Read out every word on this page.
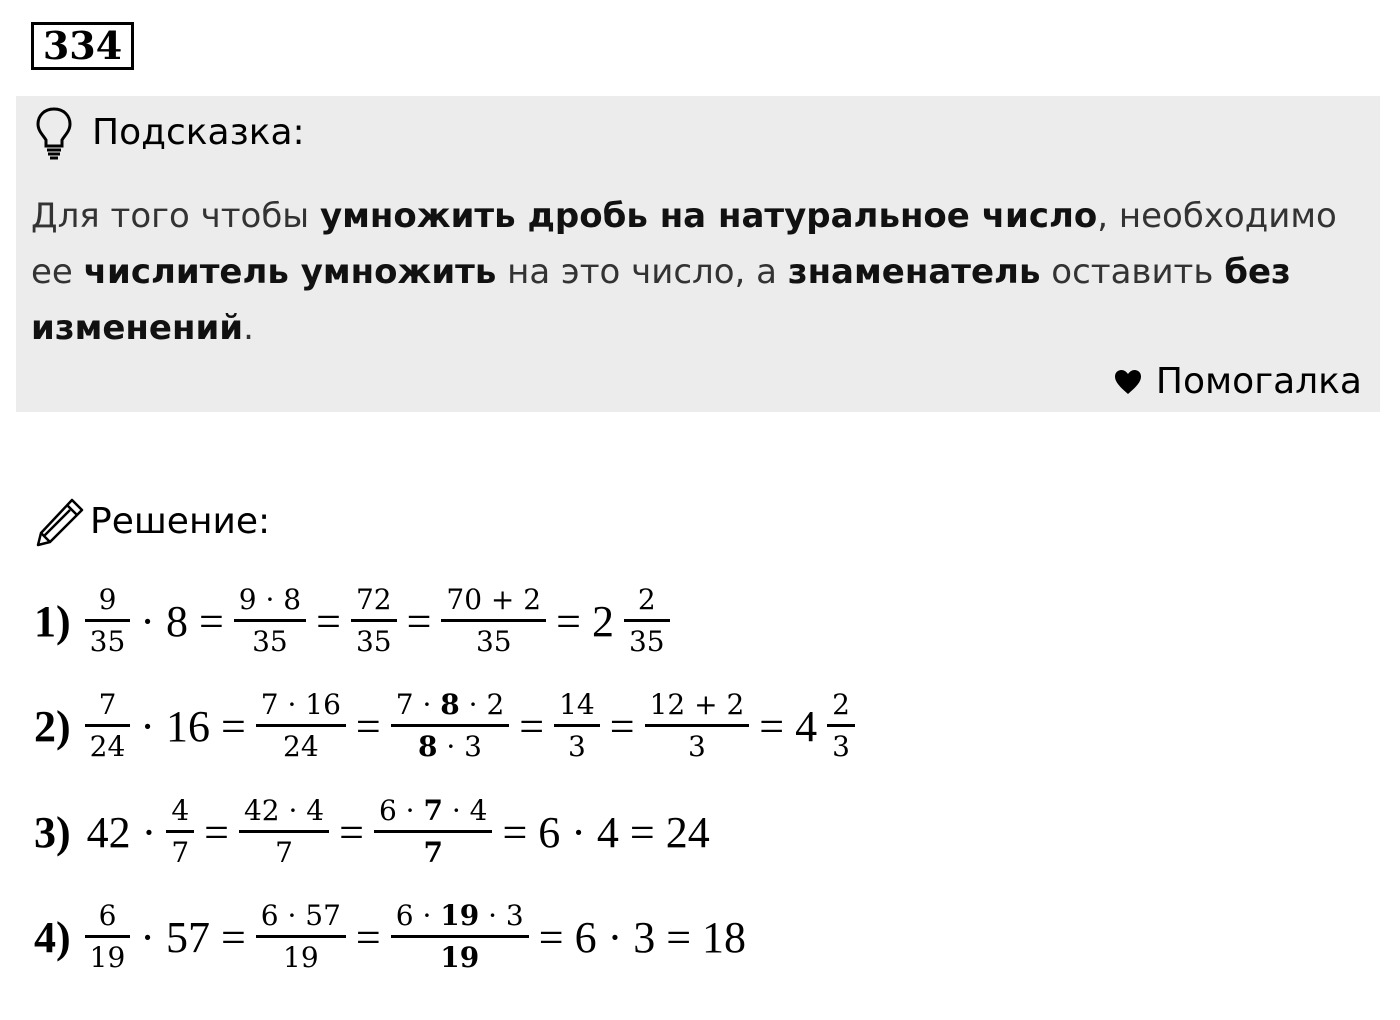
334
Подсказка:
Для того чтобы умножить дробь на натуральное число, необходимо ее числитель умножить на это число, а знаменатель оставить без изменений.
Помогалка
Решение:
$1) \frac{9}{35} \cdot 8 = \frac{9 \cdot 8}{35} = \frac{72}{35} = \frac{70 + 2}{35} = 2 \frac{2}{35}$
$2) \frac{7}{24} \cdot 16 = \frac{7 \cdot 16}{24} = \frac{7 \cdot 8 \cdot 2}{8 \cdot 3} = \frac{14}{3} = \frac{12 + 2}{3} = 4 \frac{2}{3}$
3) $42 \cdot \frac{4}{7} = \frac{42 \cdot 4}{7} = \frac{6 \cdot 7 \cdot 4}{7} = 6 \cdot 4 = 24$
$4) \frac{6}{19} \cdot 57 = \frac{6 \cdot 57}{19} = \frac{6 \cdot 19 \cdot 3}{19} = 6 \cdot 3 = 18$
